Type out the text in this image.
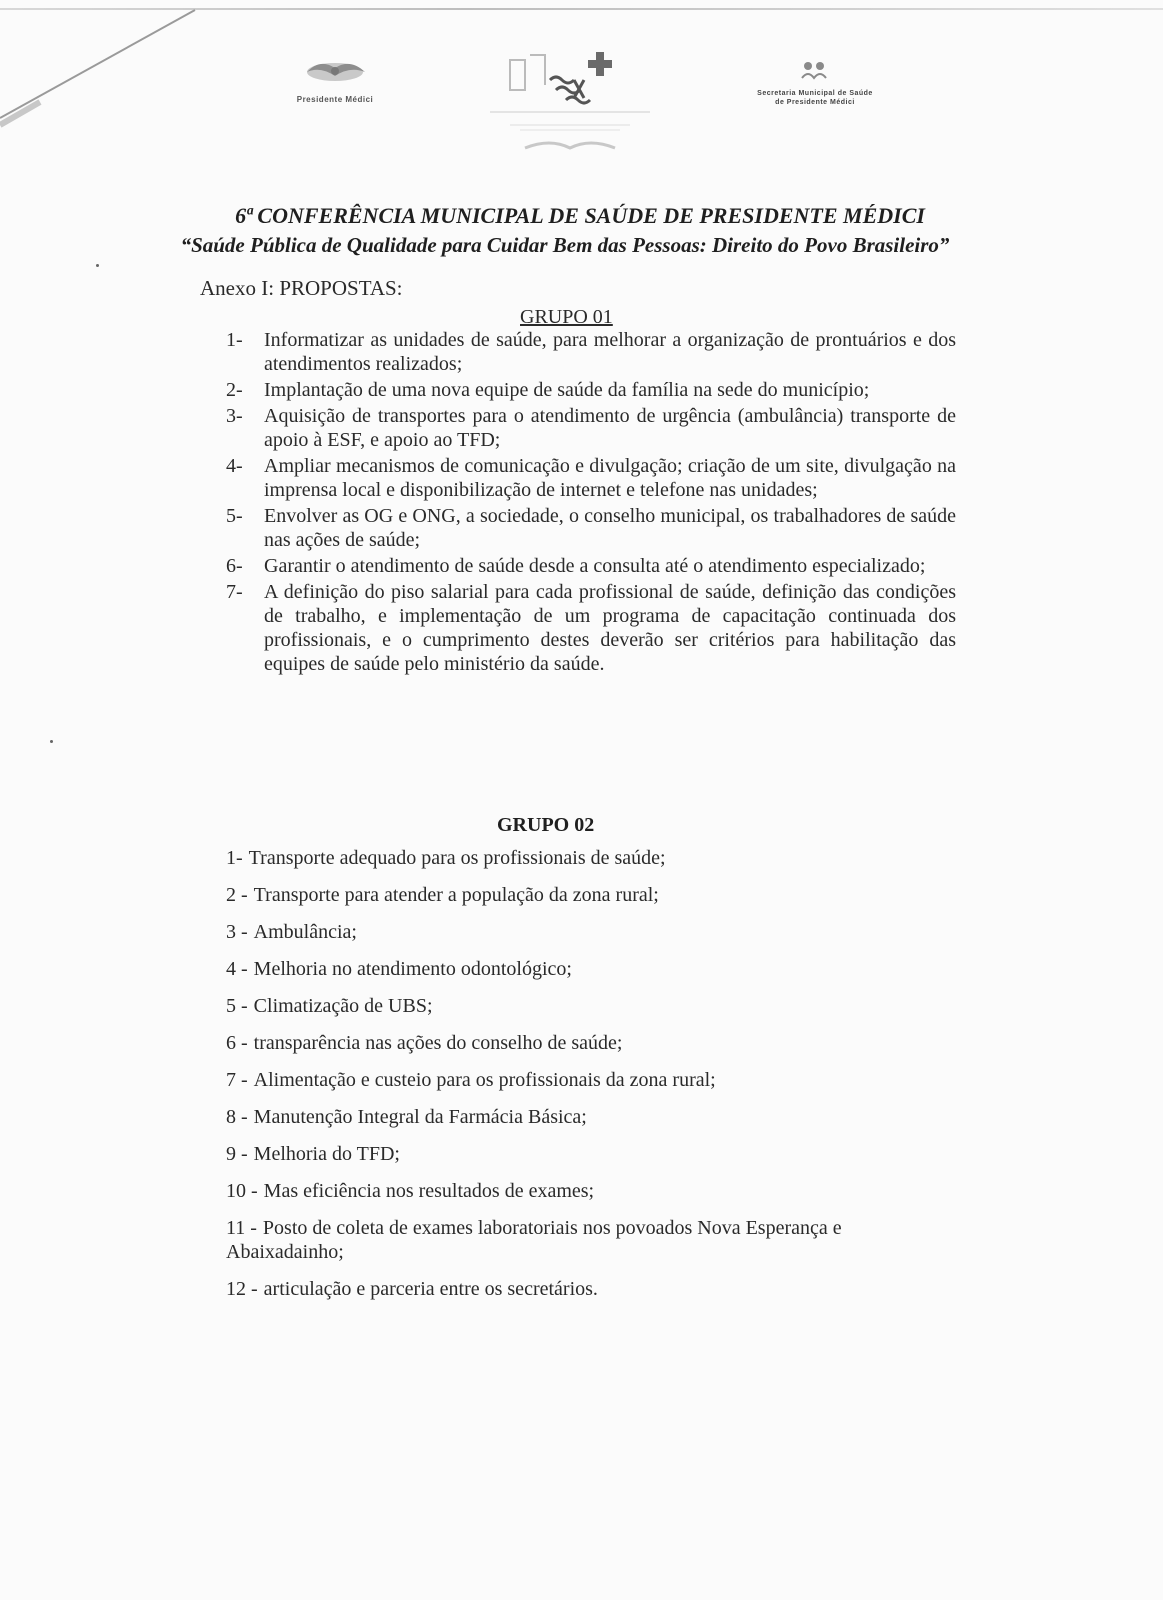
Presidente Médici
Secretaria Municipal de Saúde
de Presidente Médici
6ª CONFERÊNCIA MUNICIPAL DE SAÚDE DE PRESIDENTE MÉDICI
“Saúde Pública de Qualidade para Cuidar Bem das Pessoas: Direito do Povo Brasileiro”
Anexo I: PROPOSTAS:
GRUPO 01
1-	Informatizar as unidades de saúde, para melhorar a organização de prontuários e dos atendimentos realizados;
2-	Implantação de uma nova equipe de saúde da família na sede do município;
3-	Aquisição de transportes para o atendimento de urgência (ambulância) transporte de apoio à ESF, e apoio ao TFD;
4-	Ampliar mecanismos de comunicação e divulgação; criação de um site, divulgação na imprensa local e disponibilização de internet e telefone nas unidades;
5-	Envolver as OG e ONG, a sociedade, o conselho municipal, os trabalhadores de saúde nas ações de saúde;
6-	Garantir o atendimento de saúde desde a consulta até o atendimento especializado;
7-	A definição do piso salarial para cada profissional de saúde, definição das condições de trabalho, e implementação de um programa de capacitação continuada dos profissionais, e o cumprimento destes deverão ser critérios para habilitação das equipes de saúde pelo ministério da saúde.
GRUPO 02
1- Transporte adequado para os profissionais de saúde;
2 - Transporte para atender a população da zona rural;
3 - Ambulância;
4 - Melhoria no atendimento odontológico;
5 - Climatização de UBS;
6 - transparência nas ações do conselho de saúde;
7 - Alimentação e custeio para os profissionais da zona rural;
8 - Manutenção Integral da Farmácia Básica;
9 - Melhoria do TFD;
10 - Mas eficiência nos resultados de exames;
11 - Posto de coleta de exames laboratoriais nos povoados Nova Esperança e Abaixadainho;
12 - articulação e parceria entre os secretários.
